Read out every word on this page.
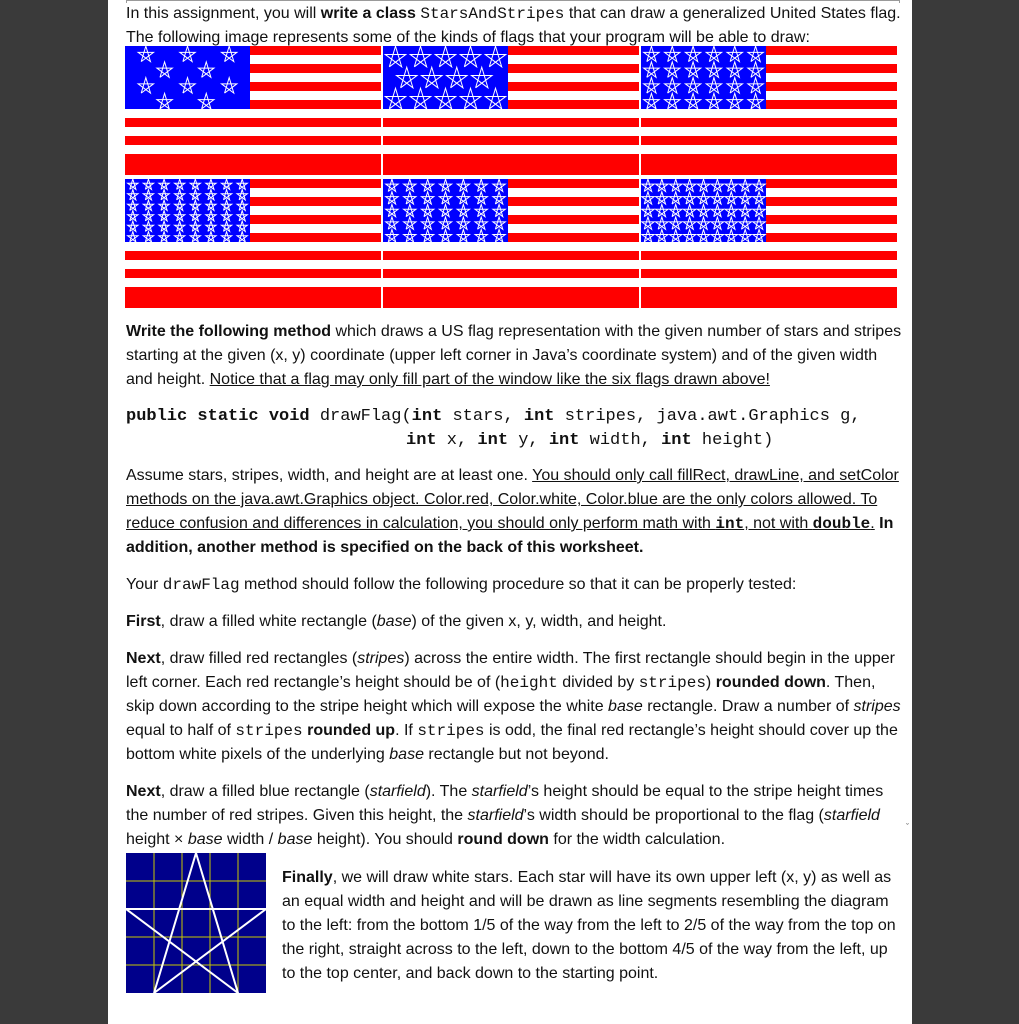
In this assignment, you will write a class StarsAndStripes that can draw a generalized United States flag. The following image represents some of the kinds of flags that your program will be able to draw:
Write the following method which draws a US flag representation with the given number of stars and stripes starting at the given (x, y) coordinate (upper left corner in Java’s coordinate system) and of the given width and height. Notice that a flag may only fill part of the window like the six flags drawn above!
public static void drawFlag(int stars, int stripes, java.awt.Graphics g,
int x, int y, int width, int height)
Assume stars, stripes, width, and height are at least one. You should only call fillRect, drawLine, and setColor methods on the java.awt.Graphics object. Color.red, Color.white, Color.blue are the only colors allowed. To reduce confusion and differences in calculation, you should only perform math with int, not with double. In addition, another method is specified on the back of this worksheet.
Your drawFlag method should follow the following procedure so that it can be properly tested:
First, draw a filled white rectangle (base) of the given x, y, width, and height.
Next, draw filled red rectangles (stripes) across the entire width. The first rectangle should begin in the upper left corner. Each red rectangle’s height should be of (height divided by stripes) rounded down. Then, skip down according to the stripe height which will expose the white base rectangle. Draw a number of stripes equal to half of stripes rounded up. If stripes is odd, the final red rectangle’s height should cover up the bottom white pixels of the underlying base rectangle but not beyond.
Next, draw a filled blue rectangle (starfield). The starfield’s height should be equal to the stripe height times the number of red stripes. Given this height, the starfield’s width should be proportional to the flag (starfield height × base width / base height). You should round down for the width calculation.
Finally, we will draw white stars. Each star will have its own upper left (x, y) as well as an equal width and height and will be drawn as line segments resembling the diagram to the left: from the bottom 1/5 of the way from the left to 2/5 of the way from the top on the right, straight across to the left, down to the bottom 4/5 of the way from the left, up to the top center, and back down to the starting point.
ˇ
